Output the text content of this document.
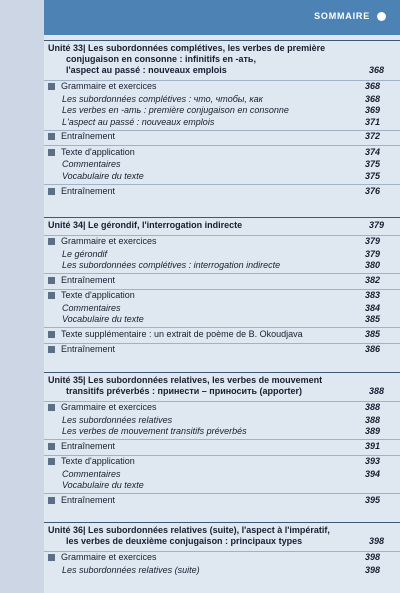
SOMMAIRE
Unité 33| Les subordonnées complétives, les verbes de première
conjugaison en consonne : infinitifs en -ать,
l'aspect au passé : nouveaux emplois	368
Grammaire et exercices	368
Les subordonnées complétives : что, чтобы, как	368
Les verbes en -ать : première conjugaison en consonne	369
L'aspect au passé : nouveaux emplois	371
Entraînement	372
Texte d'application	374
Commentaires	375
Vocabulaire du texte	375
Entraînement	376
Unité 34| Le gérondif, l'interrogation indirecte	379
Grammaire et exercices	379
Le gérondif	379
Les subordonnées complétives : interrogation indirecte	380
Entraînement	382
Texte d'application	383
Commentaires	384
Vocabulaire du texte	385
Texte supplémentaire : un extrait de poème de B. Okoudjava	385
Entraînement	386
Unité 35| Les subordonnées relatives, les verbes de mouvement
transitifs préverbés : принести – приносить (apporter)	388
Grammaire et exercices	388
Les subordonnées relatives	388
Les verbes de mouvement transitifs préverbés	389
Entraînement	391
Texte d'application	393
Commentaires	394
Vocabulaire du texte
Entraînement	395
Unité 36| Les subordonnées relatives (suite), l'aspect à l'impératif,
les verbes de deuxième conjugaison : principaux types	398
Grammaire et exercices	398
Les subordonnées relatives (suite)	398
